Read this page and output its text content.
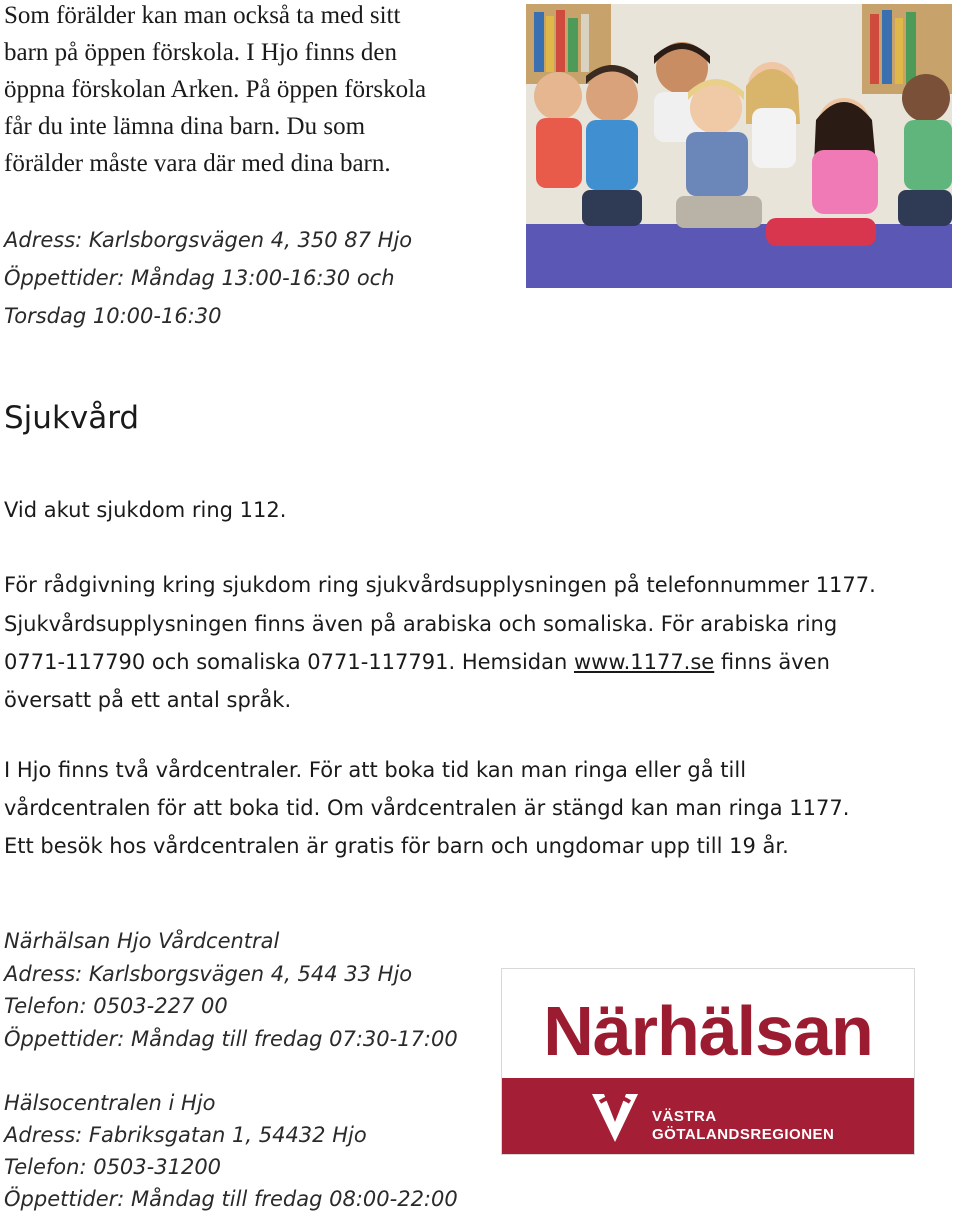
Som förälder kan man också ta med sitt
barn på öppen förskola. I Hjo finns den
öppna förskolan Arken. På öppen förskola
får du inte lämna dina barn. Du som
förälder måste vara där med dina barn.
Adress: Karlsborgsvägen 4, 350 87 Hjo
Öppettider: Måndag 13:00-16:30 och
Torsdag 10:00-16:30
Sjukvård
Vid akut sjukdom ring 112.
För rådgivning kring sjukdom ring sjukvårdsupplysningen på telefonnummer 1177.
Sjukvårdsupplysningen finns även på arabiska och somaliska. För arabiska ring
0771-117790 och somaliska 0771-117791. Hemsidan www.1177.se finns även
översatt på ett antal språk.
I Hjo finns två vårdcentraler. För att boka tid kan man ringa eller gå till
vårdcentralen för att boka tid. Om vårdcentralen är stängd kan man ringa 1177.
Ett besök hos vårdcentralen är gratis för barn och ungdomar upp till 19 år.
Närhälsan Hjo Vårdcentral
Adress: Karlsborgsvägen 4, 544 33 Hjo
Telefon: 0503-227 00
Öppettider: Måndag till fredag 07:30-17:00
Hälsocentralen i Hjo
Adress: Fabriksgatan 1, 54432 Hjo
Telefon: 0503-31200
Öppettider: Måndag till fredag 08:00-22:00
Närhälsan
VÄSTRA
GÖTALANDSREGIONEN
